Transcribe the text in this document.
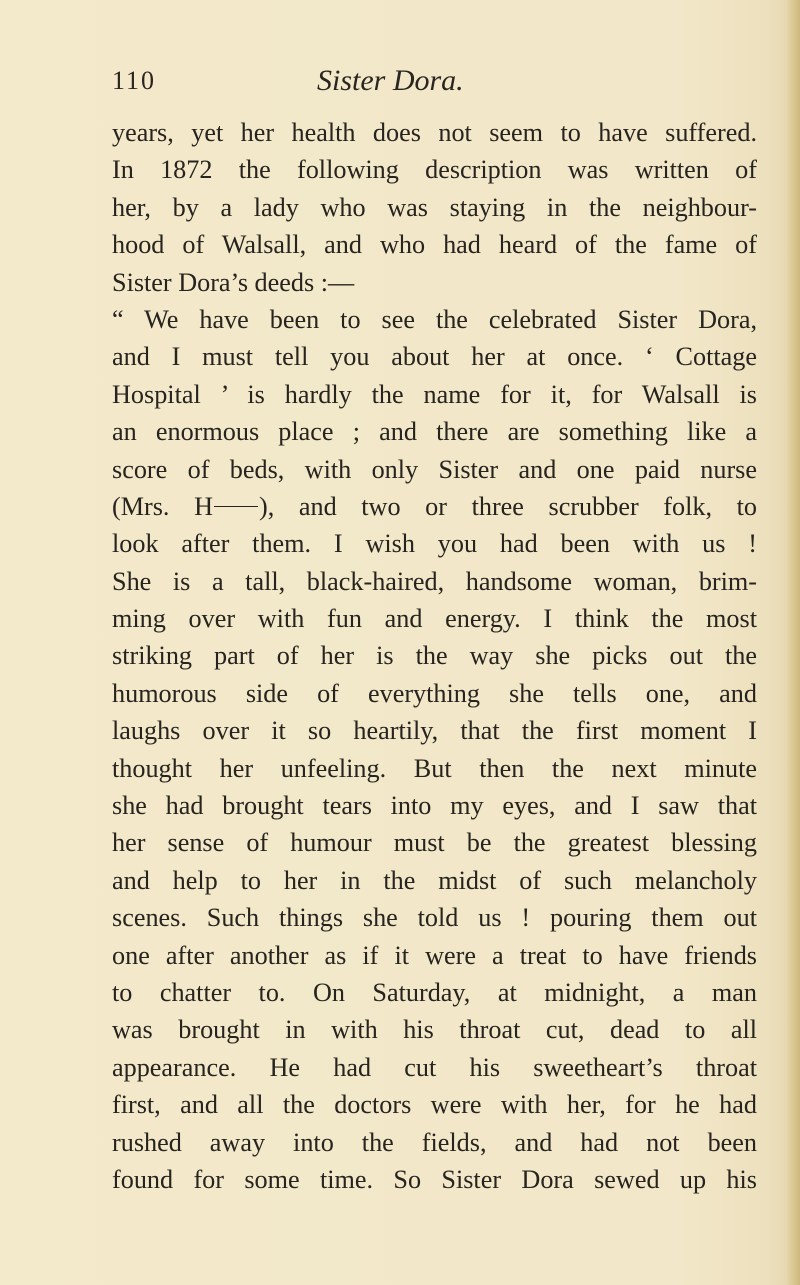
110	Sister Dora.
years, yet her health does not seem to have suffered.
In 1872 the following description was written of
her, by a lady who was staying in the neighbour-
hood of Walsall, and who had heard of the fame of
Sister Dora’s deeds :—
“ We have been to see the celebrated Sister Dora,
and I must tell you about her at once. ‘ Cottage
Hospital ’ is hardly the name for it, for Walsall is
an enormous place ; and there are something like a
score of beds, with only Sister and one paid nurse
(Mrs. H ), and two or three scrubber folk, to
look after them. I wish you had been with us !
She is a tall, black-haired, handsome woman, brim-
ming over with fun and energy. I think the most
striking part of her is the way she picks out the
humorous side of everything she tells one, and
laughs over it so heartily, that the first moment I
thought her unfeeling. But then the next minute
she had brought tears into my eyes, and I saw that
her sense of humour must be the greatest blessing
and help to her in the midst of such melancholy
scenes. Such things she told us ! pouring them out
one after another as if it were a treat to have friends
to chatter to. On Saturday, at midnight, a man
was brought in with his throat cut, dead to all
appearance. He had cut his sweetheart’s throat
first, and all the doctors were with her, for he had
rushed away into the fields, and had not been
found for some time. So Sister Dora sewed up his
